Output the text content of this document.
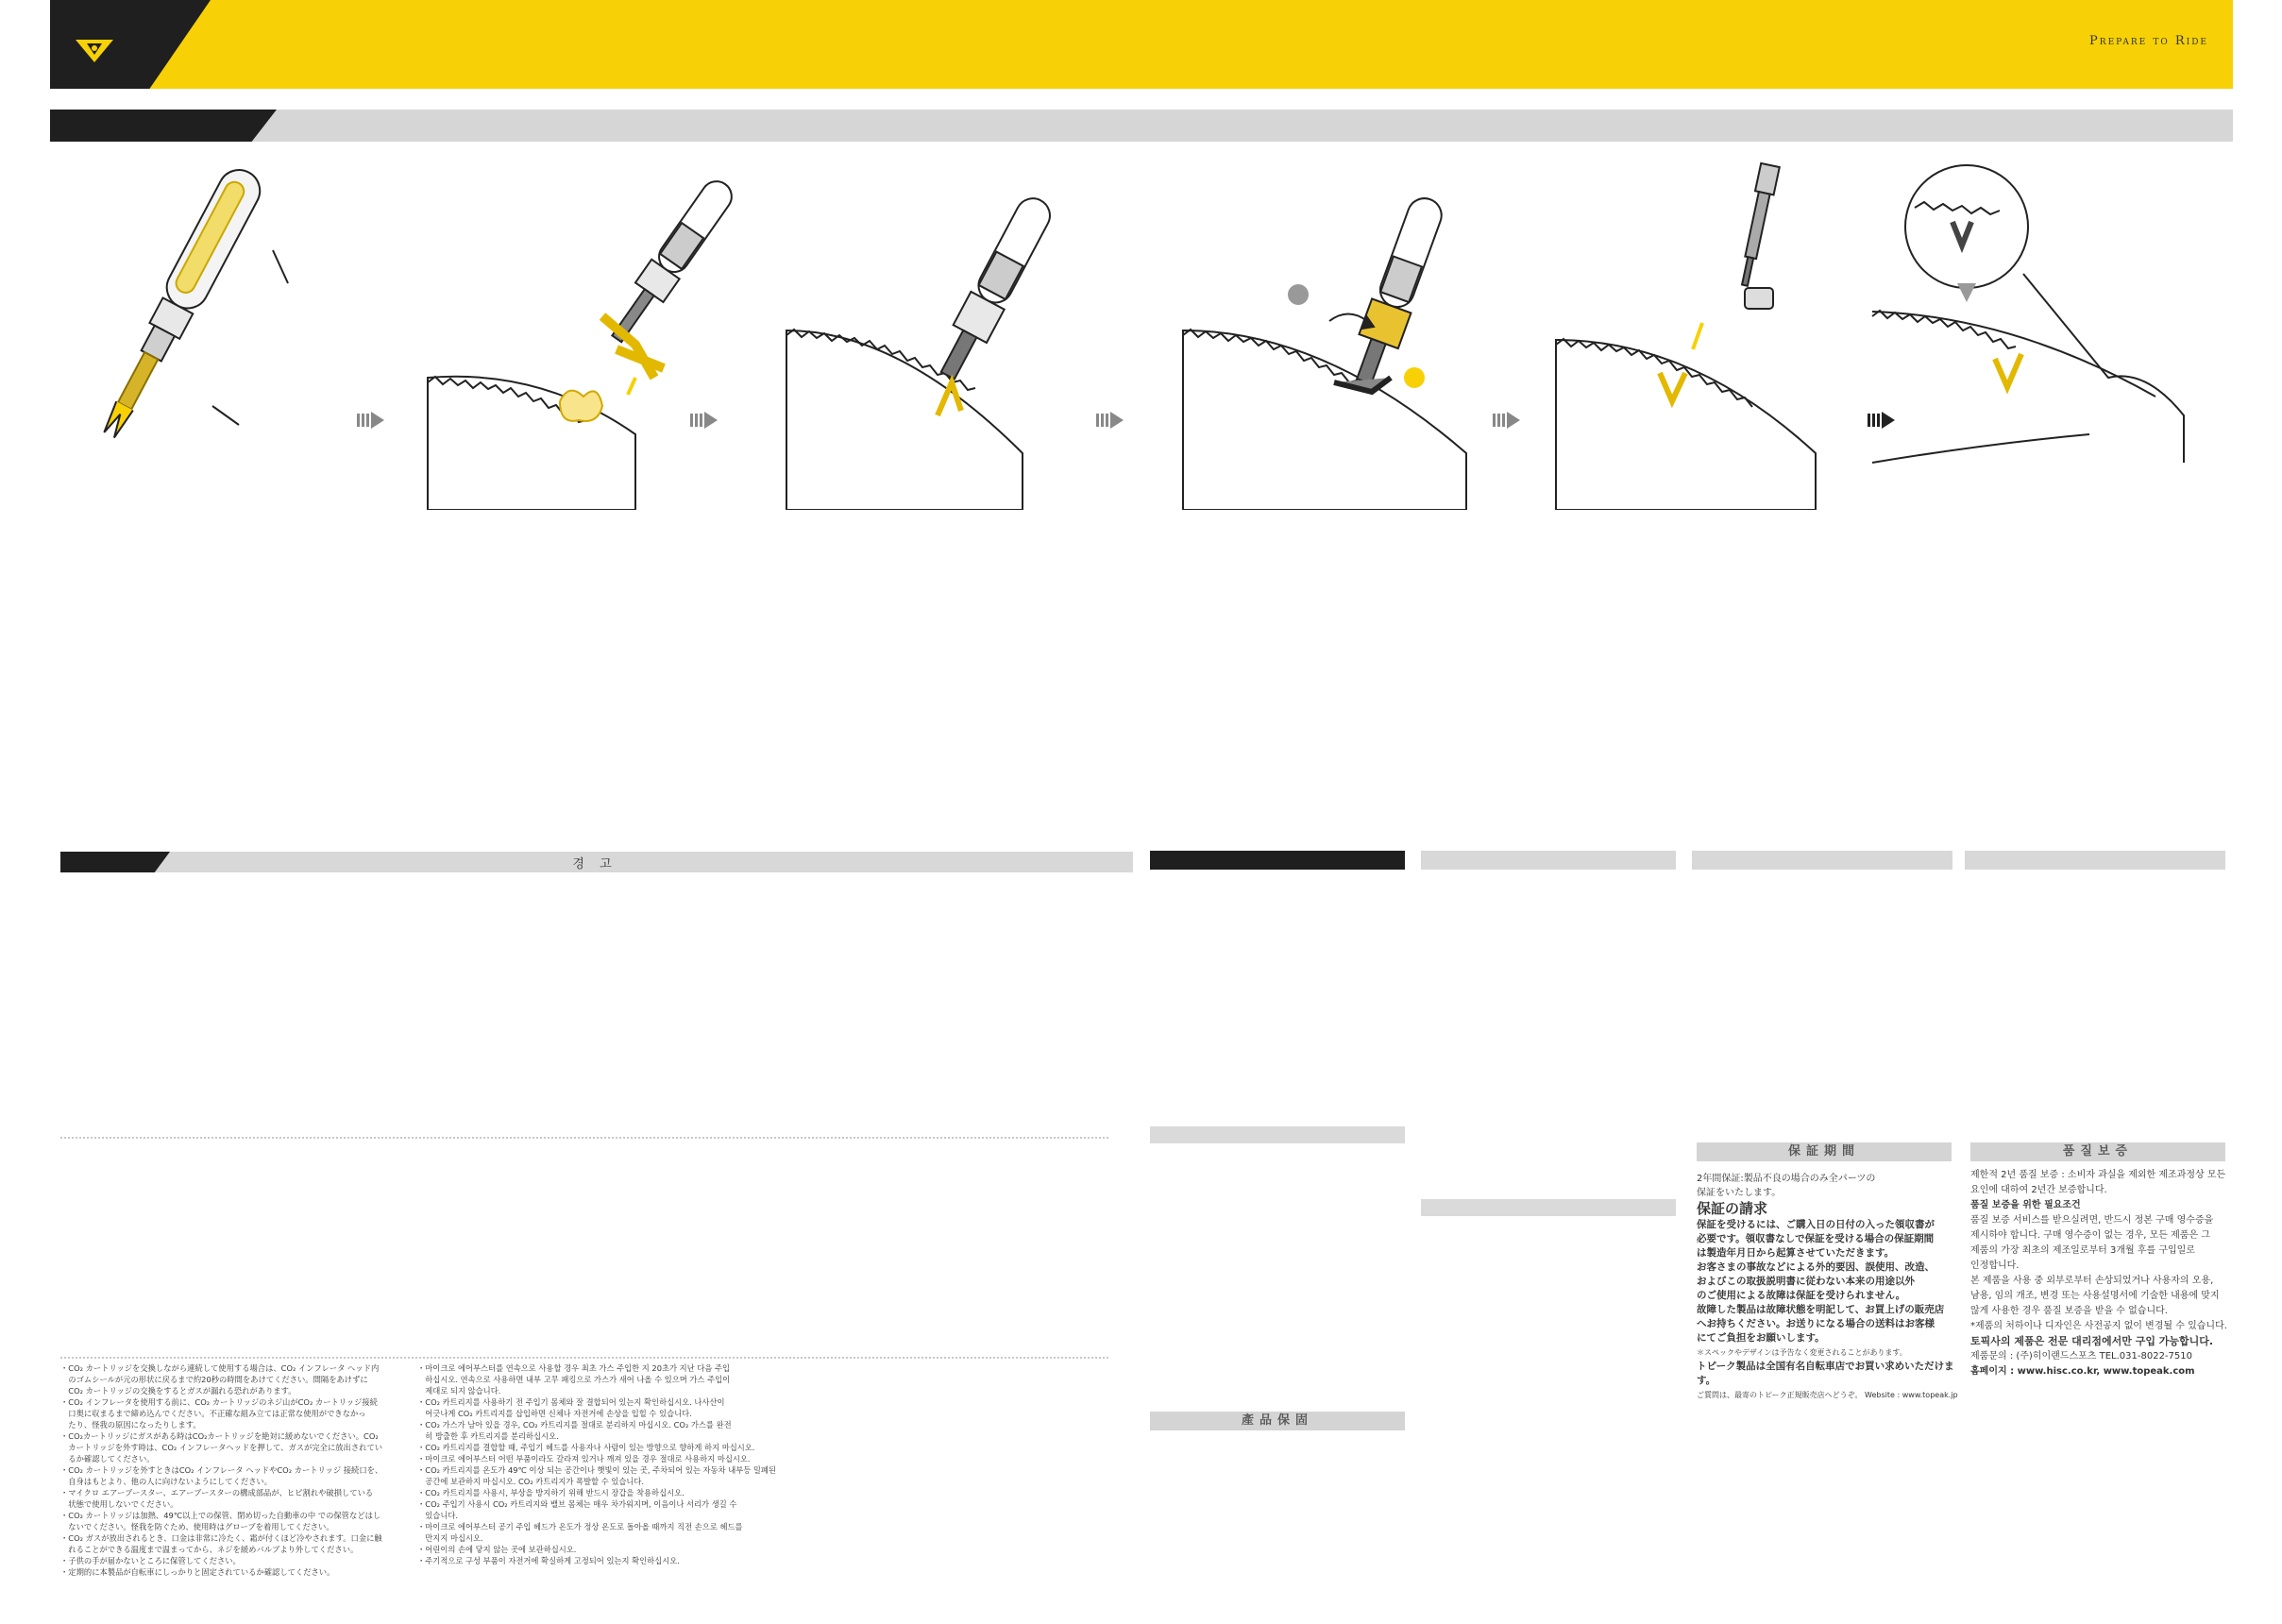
Prepare to Ride
경 고

・CO₂ カートリッジを交換しながら連続して使用する場合は、CO₂ インフレータ ヘッド内

　のゴムシールが元の形状に戻るまで約20秒の時間をあけてください。間隔をあけずに

　CO₂ カートリッジの交換をするとガスが漏れる恐れがあります。

・CO₂ インフレータを使用する前に、CO₂ カートリッジのネジ山がCO₂ カートリッジ接続

　口奥に収まるまで締め込んでください。不正確な組み立ては正常な使用ができなかっ

　たり、怪我の原因になったりします。

・CO₂カートリッジにガスがある時はCO₂カートリッジを絶対に緩めないでください。CO₂

　カートリッジを外す時は、CO₂ インフレータヘッドを押して、ガスが完全に放出されてい

　るか確認してください。

・CO₂ カートリッジを外すときはCO₂ インフレータ ヘッドやCO₂ カートリッジ 接続口を、

　自身はもとより、他の人に向けないようにしてください。

・マイクロ エアーブースター、エアーブースターの構成部品が、ヒビ割れや破損している

　状態で使用しないでください。

・CO₂ カートリッジは加熱、49℃以上での保管、閉め切った自動車の中 での保管などはし

　ないでください。怪我を防ぐため、使用時はグローブを着用してください。

・CO₂ ガスが放出されるとき、口金は非常に冷たく、霜が付くほど冷やされます。口金に触

　れることができる温度まで温まってから、ネジを緩めバルブより外してください。

・子供の手が届かないところに保管してください。

・定期的に本製品が自転車にしっかりと固定されているか確認してください。

・마이크로 에어부스터를 연속으로 사용할 경우 최초 가스 주입한 지 20초가 지난 다음 주입

　하십시오. 연속으로 사용하면 내부 고무 패킹으로 가스가 새어 나올 수 있으며 가스 주입이

　제대로 되지 않습니다.

・CO₂ 카트리지를 사용하기 전 주입기 몸체와 잘 결합되어 있는지 확인하십시오. 나사산이

　어긋나게 CO₂ 카트리지를 삽입하면 신체나 자전거에 손상을 입힐 수 있습니다.

・CO₂ 가스가 남아 있을 경우, CO₂ 카트리지를 절대로 분리하지 마십시오. CO₂ 가스를 완전

　히 방출한 후 카트리지를 분리하십시오.

・CO₂ 카트리지를 결합할 때, 주입기 헤드를 사용자나 사람이 있는 방향으로 향하게 하지 마십시오.

・마이크로 에어부스터 어떤 부품이라도 갈라져 있거나 깨져 있을 경우 절대로 사용하지 마십시오.

・CO₂ 카트리지를 온도가 49℃ 이상 되는 공간이나 햇빛이 있는 곳, 주차되어 있는 자동차 내부등 밀폐된

　공간에 보관하지 마십시오. CO₂ 카트리지가 폭발할 수 있습니다.

・CO₂ 카트리지를 사용시, 부상을 방지하기 위해 반드시 장갑을 착용하십시오.

・CO₂ 주입기 사용시 CO₂ 카트리지와 밸브 몸체는 매우 차가워지며, 이음이나 서리가 생길 수

　있습니다.

・마이크로 에어부스터 공기 주입 헤드가 온도가 정상 온도로 돌아올 때까지 직전 손으로 헤드를

　만지지 마십시오.

・어린이의 손에 닿지 않는 곳에 보관하십시오.

・주기적으로 구성 부품이 자전거에 확실하게 고정되어 있는지 확인하십시오.

產品保固
保証期間

2年間保証:製品不良の場合のみ全パーツの

保証をいたします。

保証の請求

保証を受けるには、ご購入日の日付の入った領収書が

必要です。領収書なしで保証を受ける場合の保証期間

は製造年月日から起算させていただきます。

お客さまの事故などによる外的要因、誤使用、改造、

およびこの取扱説明書に従わない本来の用途以外

のご使用による故障は保証を受けられません。

故障した製品は故障状態を明記して、お買上げの販売店

へお持ちください。お送りになる場合の送料はお客様

にてご負担をお願いします。

＊スペックやデザインは予告なく変更されることがあります。

トピーク製品は全国有名自転車店でお買い求めいただけます。

ご質問は、最寄のトピーク正規販売店へどうぞ。 Website : www.topeak.jp

품질보증

제한적 2년 품질 보증 : 소비자 과실을 제외한 제조과정상 모든

요인에 대하여 2년간 보증합니다.

품질 보증을 위한 필요조건

품질 보증 서비스를 받으실려면, 반드시 정본 구매 영수증을

제시하야 합니다. 구매 영수증이 없는 경우, 모든 제품은 그

제품의 가장 최초의 제조일로부터 3개월 후를 구입일로

인정합니다.

본 제품을 사용 중 외부로부터 손상되었거나 사용자의 오용,

남용, 임의 개조, 변경 또는 사용설명서에 기술한 내용에 맞지

않게 사용한 경우 품질 보증을 받을 수 없습니다.

*제품의 처하이나 디자인은 사전공지 없이 변경될 수 있습니다.

토픽사의 제품은 전문 대리점에서만 구입 가능합니다.

제품문의 : (주)히이랜드스포츠 TEL.031-8022-7510

홈페이지 : www.hisc.co.kr, www.topeak.com
